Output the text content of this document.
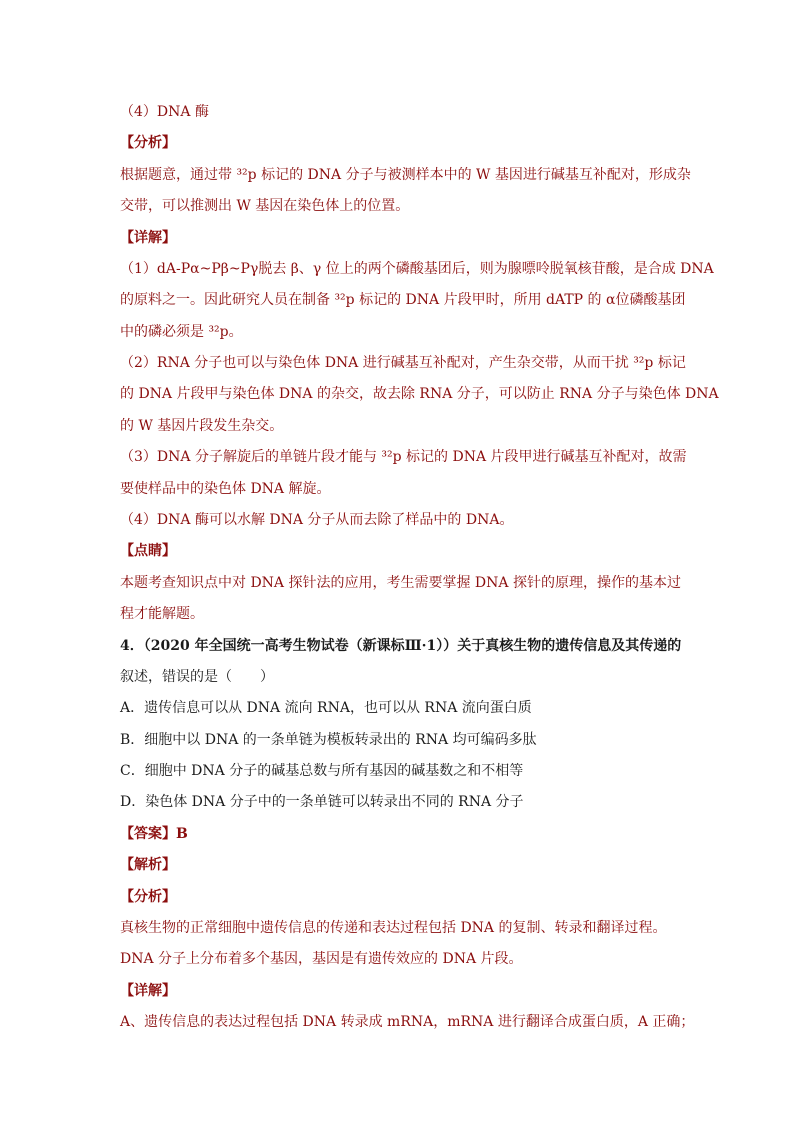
（4）DNA 酶
【分析】
根据题意，通过带 ³²p 标记的 DNA 分子与被测样本中的 W 基因进行碱基互补配对，形成杂
交带，可以推测出 W 基因在染色体上的位置。
【详解】
（1）dA-Pα~Pβ~Pγ脱去 β、γ 位上的两个磷酸基团后，则为腺嘌呤脱氧核苷酸，是合成 DNA
的原料之一。因此研究人员在制备 ³²p 标记的 DNA 片段甲时，所用 dATP 的 α位磷酸基团
中的磷必须是 ³²p。
（2）RNA 分子也可以与染色体 DNA 进行碱基互补配对，产生杂交带，从而干扰 ³²p 标记
的 DNA 片段甲与染色体 DNA 的杂交，故去除 RNA 分子，可以防止 RNA 分子与染色体 DNA
的 W 基因片段发生杂交。
（3）DNA 分子解旋后的单链片段才能与 ³²p 标记的 DNA 片段甲进行碱基互补配对，故需
要使样品中的染色体 DNA 解旋。
（4）DNA 酶可以水解 DNA 分子从而去除了样品中的 DNA。
【点睛】
本题考查知识点中对 DNA 探针法的应用，考生需要掌握 DNA 探针的原理，操作的基本过
程才能解题。
4．（2020 年全国统一高考生物试卷（新课标Ⅲ·1））关于真核生物的遗传信息及其传递的
叙述，错误的是（　　）
A．遗传信息可以从 DNA 流向 RNA，也可以从 RNA 流向蛋白质
B．细胞中以 DNA 的一条单链为模板转录出的 RNA 均可编码多肽
C．细胞中 DNA 分子的碱基总数与所有基因的碱基数之和不相等
D．染色体 DNA 分子中的一条单链可以转录出不同的 RNA 分子
【答案】B
【解析】
【分析】
真核生物的正常细胞中遗传信息的传递和表达过程包括 DNA 的复制、转录和翻译过程。
DNA 分子上分布着多个基因，基因是有遗传效应的 DNA 片段。
【详解】
A、遗传信息的表达过程包括 DNA 转录成 mRNA，mRNA 进行翻译合成蛋白质，A 正确；
